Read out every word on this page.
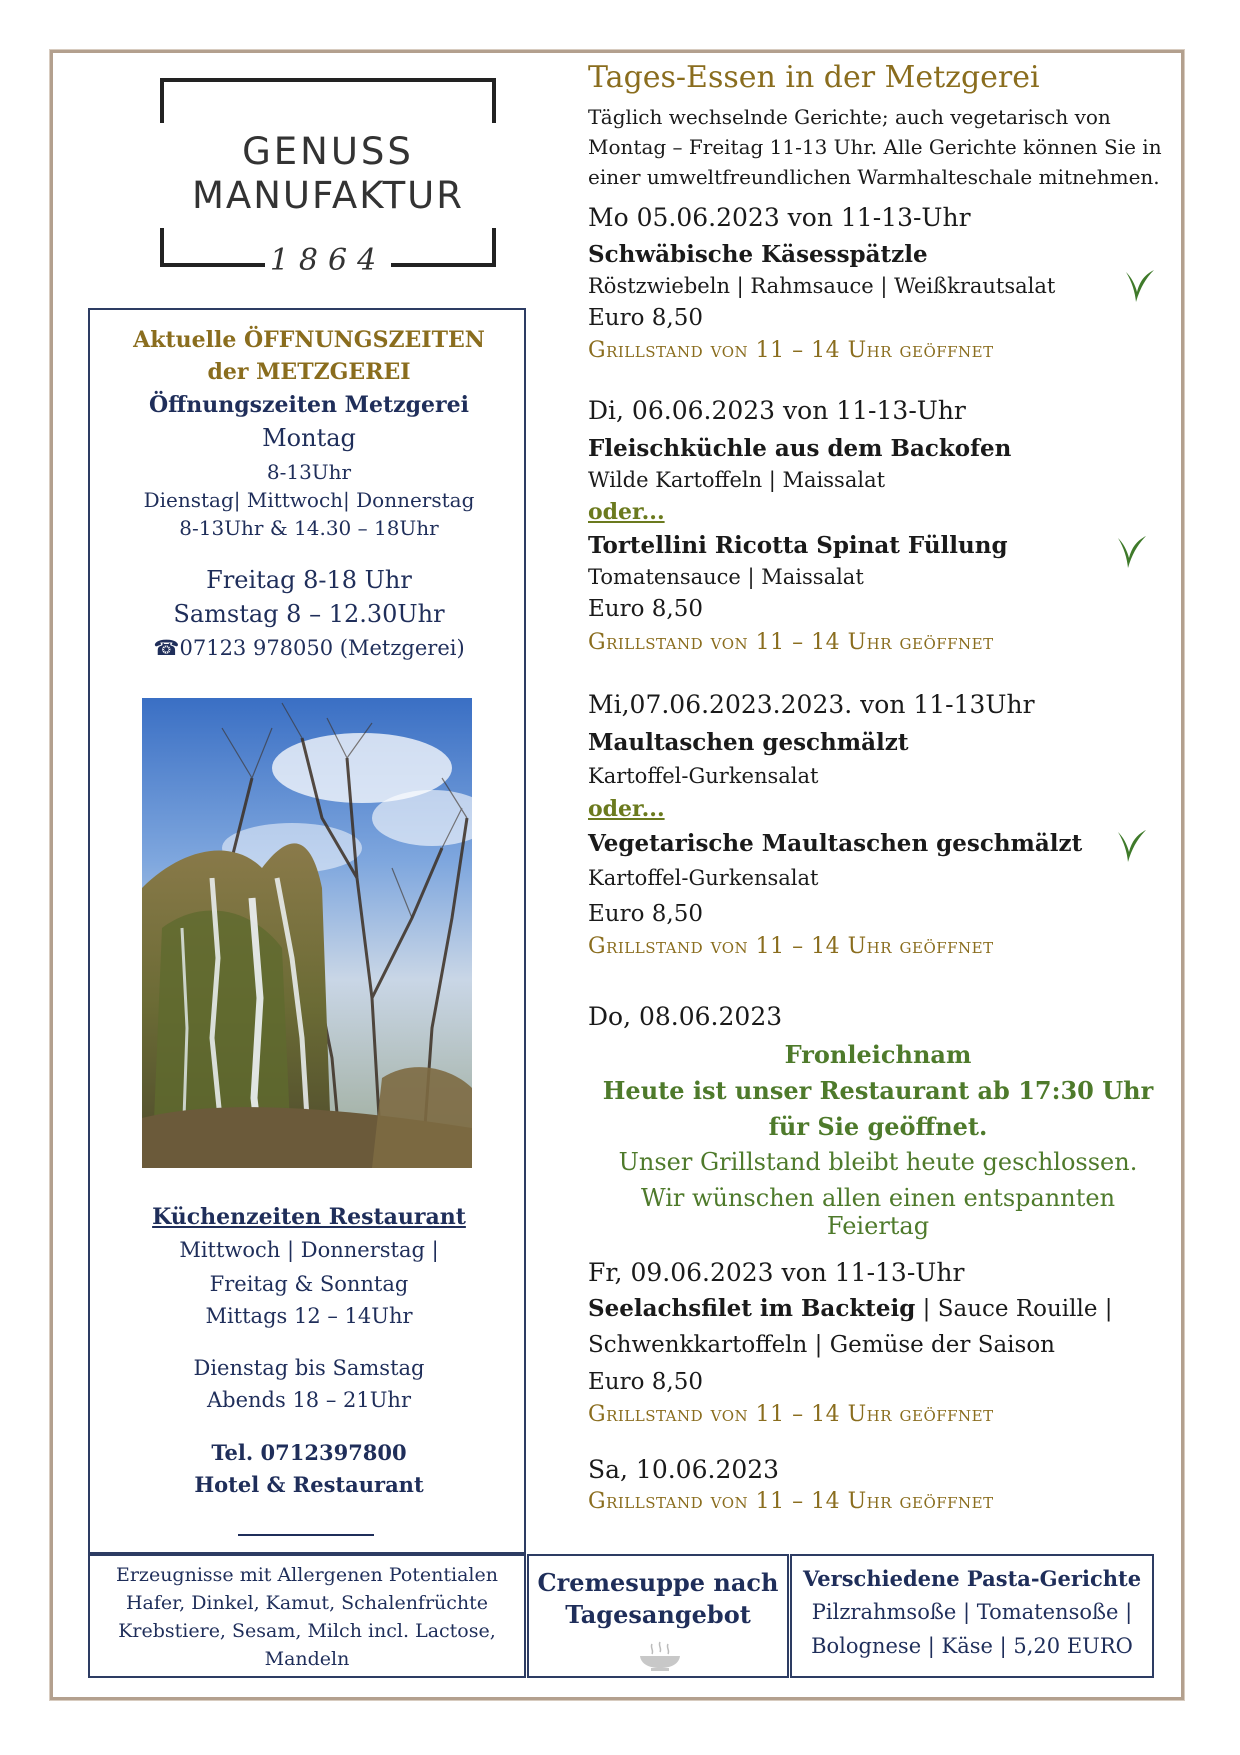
GENUSS
MANUFAKTUR
1864
Aktuelle ÖFFNUNGSZEITEN
der METZGEREI
Öffnungszeiten Metzgerei
Montag
8-13Uhr
Dienstag| Mittwoch| Donnerstag
8-13Uhr & 14.30 – 18Uhr
Freitag 8-18 Uhr
Samstag 8 – 12.30Uhr
☎07123 978050 (Metzgerei)
Küchenzeiten Restaurant
Mittwoch | Donnerstag |
Freitag & Sonntag
Mittags 12 – 14Uhr
Dienstag bis Samstag
Abends 18 – 21Uhr
Tel. 0712397800
Hotel & Restaurant
Tages-Essen in der Metzgerei
Täglich wechselnde Gerichte; auch vegetarisch von
Montag – Freitag 11-13 Uhr. Alle Gerichte können Sie in
einer umweltfreundlichen Warmhalteschale mitnehmen.
Mo 05.06.2023 von 11-13-Uhr
Schwäbische Käsesspätzle
Röstzwiebeln | Rahmsauce | Weißkrautsalat
Euro 8,50
Grillstand von 11 – 14 Uhr geöffnet
Di, 06.06.2023 von 11-13-Uhr
Fleischküchle aus dem Backofen
Wilde Kartoffeln | Maissalat
oder...
Tortellini Ricotta Spinat Füllung
Tomatensauce | Maissalat
Euro 8,50
Grillstand von 11 – 14 Uhr geöffnet
Mi,07.06.2023.2023. von 11-13Uhr
Maultaschen geschmälzt
Kartoffel-Gurkensalat
oder...
Vegetarische Maultaschen geschmälzt
Kartoffel-Gurkensalat
Euro 8,50
Grillstand von 11 – 14 Uhr geöffnet
Do, 08.06.2023
Fronleichnam
Heute ist unser Restaurant ab 17:30 Uhr
für Sie geöffnet.
Unser Grillstand bleibt heute geschlossen.
Wir wünschen allen einen entspannten Feiertag
Fr, 09.06.2023 von 11-13-Uhr
Seelachsfilet im Backteig | Sauce Rouille |
Schwenkkartoffeln | Gemüse der Saison
Euro 8,50
Grillstand von 11 – 14 Uhr geöffnet
Sa, 10.06.2023
Grillstand von 11 – 14 Uhr geöffnet
Erzeugnisse mit Allergenen Potentialen
Hafer, Dinkel, Kamut, Schalenfrüchte
Krebstiere, Sesam, Milch incl. Lactose,
Mandeln
Cremesuppe nach
Tagesangebot
Verschiedene Pasta-Gerichte
Pilzrahmsoße | Tomatensoße |
Bolognese | Käse | 5,20 EURO
